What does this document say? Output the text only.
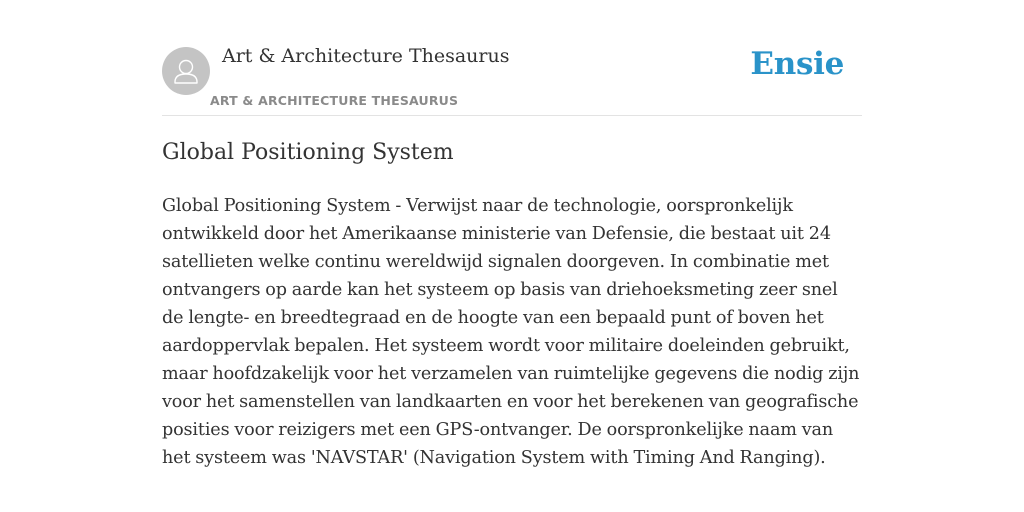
Art & Architecture Thesaurus
ART & ARCHITECTURE THESAURUS
Ensie
Global Positioning System

Global Positioning System - Verwijst naar de technologie, oorspronkelijk ontwikkeld door het Amerikaanse ministerie van Defensie, die bestaat uit 24 satellieten welke continu wereldwijd signalen doorgeven. In combinatie met ontvangers op aarde kan het systeem op basis van driehoeksmeting zeer snel de lengte- en breedtegraad en de hoogte van een bepaald punt of boven het aardoppervlak bepalen. Het systeem wordt voor militaire doeleinden gebruikt, maar hoofdzakelijk voor het verzamelen van ruimtelijke gegevens die nodig zijn voor het samenstellen van landkaarten en voor het berekenen van geografische posities voor reizigers met een GPS-ontvanger. De oorspronkelijke naam van het systeem was 'NAVSTAR' (Navigation System with Timing And Ranging).
